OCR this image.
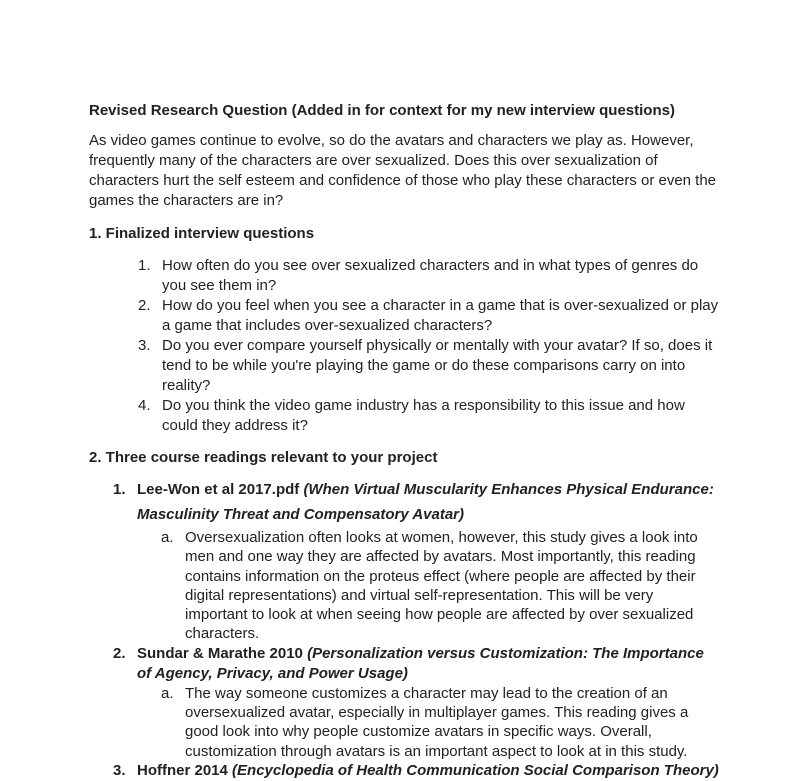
Revised Research Question (Added in for context for my new interview questions)

As video games continue to evolve, so do the avatars and characters we play as. However, frequently many of the characters are over sexualized. Does this over sexualization of characters hurt the self esteem and confidence of those who play these characters or even the games the characters are in?

1. Finalized interview questions

1. How often do you see over sexualized characters and in what types of genres do you see them in?
2. How do you feel when you see a character in a game that is over-sexualized or play a game that includes over-sexualized characters?
3. Do you ever compare yourself physically or mentally with your avatar? If so, does it tend to be while you're playing the game or do these comparisons carry on into reality?
4. Do you think the video game industry has a responsibility to this issue and how could they address it?

2. Three course readings relevant to your project

1. Lee-Won et al 2017.pdf (When Virtual Muscularity Enhances Physical Endurance: Masculinity Threat and Compensatory Avatar)
a. Oversexualization often looks at women, however, this study gives a look into men and one way they are affected by avatars. Most importantly, this reading contains information on the proteus effect (where people are affected by their digital representations) and virtual self-representation. This will be very important to look at when seeing how people are affected by over sexualized characters.
2. Sundar & Marathe 2010 (Personalization versus Customization: The Importance of Agency, Privacy, and Power Usage)
a. The way someone customizes a character may lead to the creation of an oversexualized avatar, especially in multiplayer games. This reading gives a good look into why people customize avatars in specific ways. Overall, customization through avatars is an important aspect to look at in this study.
3. Hoffner 2014 (Encyclopedia of Health Communication Social Comparison Theory)
